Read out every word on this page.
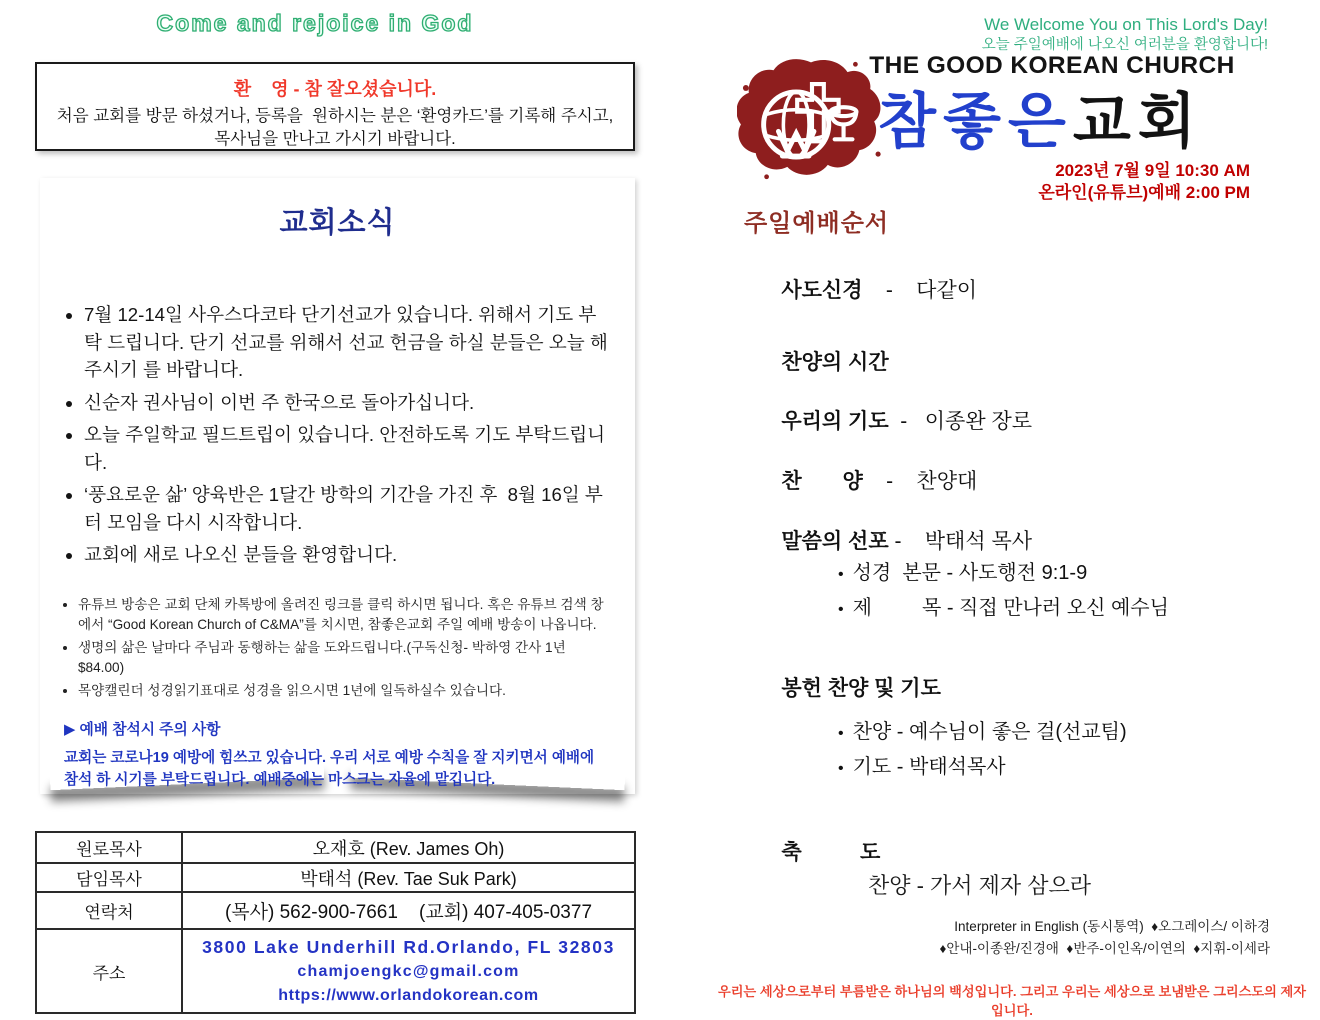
Come and rejoice in God
환    영 - 참 잘오셨습니다.
처음 교회를 방문 하셨거나, 등록을  원하시는 분은 ‘환영카드’를 기록해 주시고,
목사님을 만나고 가시기 바랍니다.
교회소식
• 7월 12-14일 사우스다코타 단기선교가 있습니다. 위해서 기도 부탁 드립니다. 단기 선교를 위해서 선교 헌금을 하실 분들은 오늘 해 주시기 를 바랍니다.
• 신순자 권사님이 이번 주 한국으로 돌아가십니다.
• 오늘 주일학교 필드트립이 있습니다. 안전하도록 기도 부탁드립니다.
• ‘풍요로운 삶’ 양육반은 1달간 방학의 기간을 가진 후  8월 16일 부터 모임을 다시 시작합니다.
• 교회에 새로 나오신 분들을 환영합니다.
• 유튜브 방송은 교회 단체 카톡방에 올려진 링크를 클릭 하시면 됩니다. 혹은 유튜브 검색 창에서 “Good Korean Church of C&MA”를 치시면, 참좋은교회 주일 예배 방송이 나옵니다.
• 생명의 삶은 날마다 주님과 동행하는 삶을 도와드립니다.(구독신청- 박하영 간사 1년 $84.00)
• 목양캘린더 성경읽기표대로 성경을 읽으시면 1년에 일독하실수 있습니다.
▶ 예배 참석시 주의 사항
교회는 코로나19 예방에 힘쓰고 있습니다. 우리 서로 예방 수칙을 잘 지키면서 예배에   참석 하 시기를 부탁드립니다. 예배중에는 마스크는 자율에 맡깁니다.
원로목사	오재호 (Rev. James Oh)
담임목사	박태석 (Rev. Tae Suk Park)
연락처	(목사) 562-900-7661    (교회) 407-405-0377
주소	3800 Lake Underhill Rd.Orlando, FL 32803
chamjoengkc@gmail.com
https://www.orlandokorean.com
We Welcome You on This Lord's Day!
오늘 주일예배에 나오신 여러분을 환영합니다!
®
THE GOOD KOREAN CHURCH
참좋은교회
2023년 7월 9일 10:30 AM
온라인(유튜브)예배 2:00 PM
주일예배순서

사도신경    -    다같이

찬양의 시간

우리의 기도  -   이종완 장로

찬       양    -    찬양대

말씀의 선포 -    박태석 목사

• 성경  본문 - 사도행전 9:1-9
• 제         목 - 직접 만나러 오신 예수님

봉헌 찬양 및 기도

• 찬양 - 예수님이 좋은 걸(선교팀)
• 기도 - 박태석목사

축          도

찬양 - 가서 제자 삼으라
Interpreter in English (동시통역)  ♦오그레이스/ 이하경
♦안내-이종완/진경애  ♦반주-이인옥/이연의  ♦지휘-이세라
우리는 세상으로부터 부름받은 하나님의 백성입니다. 그리고 우리는 세상으로 보냄받은 그리스도의 제자입니다.
